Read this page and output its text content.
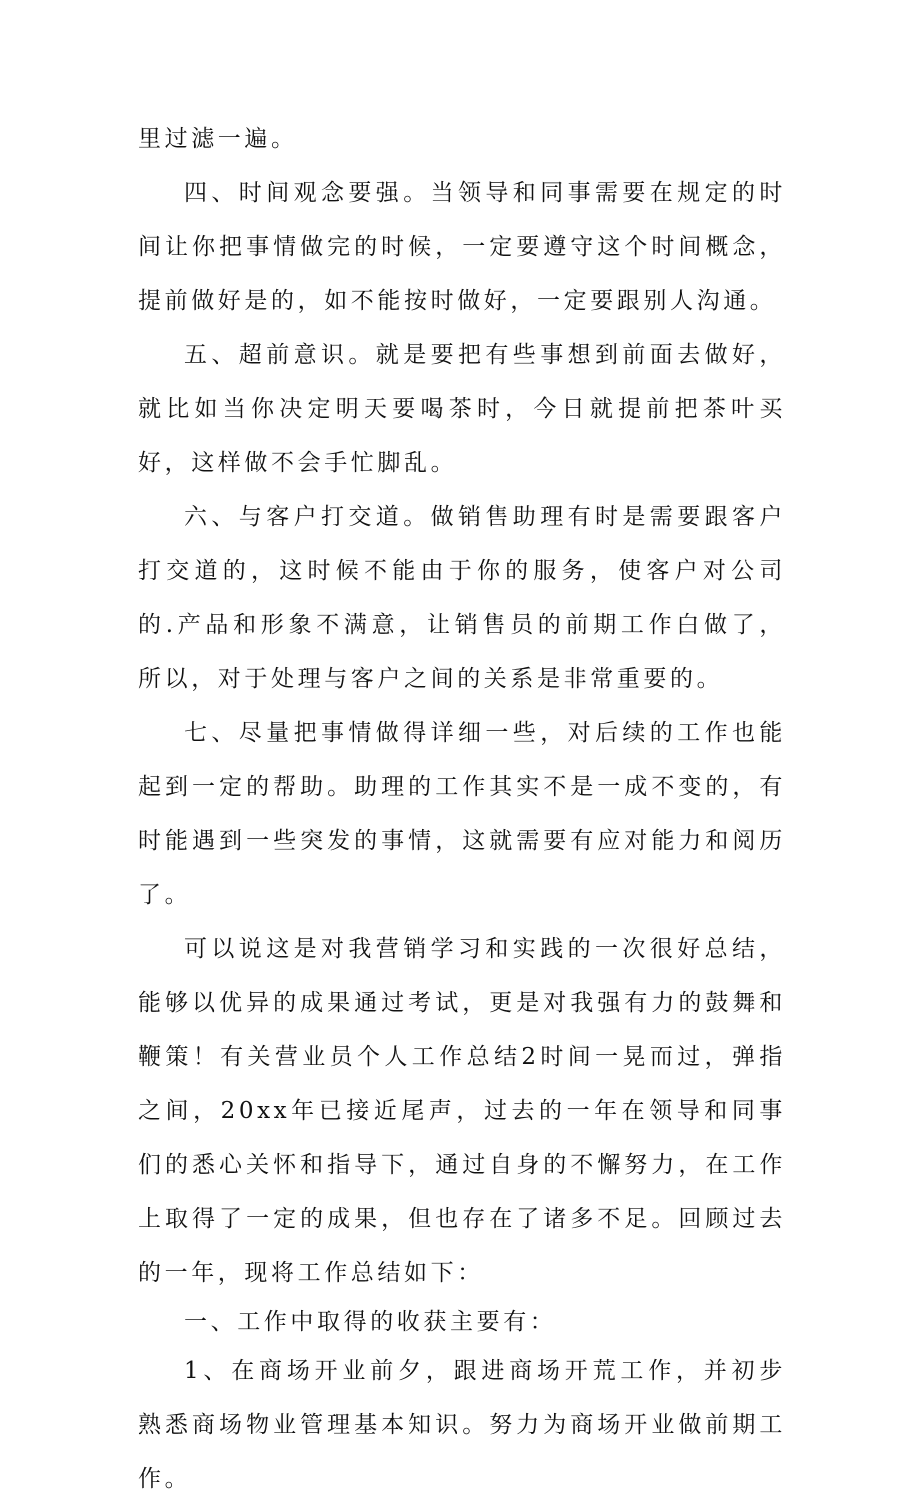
里过滤一遍。

四、时间观念要强。当领导和同事需要在规定的时间让你把事情做完的时候，一定要遵守这个时间概念，提前做好是的，如不能按时做好，一定要跟别人沟通。

五、超前意识。就是要把有些事想到前面去做好，就比如当你决定明天要喝茶时，今日就提前把茶叶买好，这样做不会手忙脚乱。

六、与客户打交道。做销售助理有时是需要跟客户打交道的，这时候不能由于你的服务，使客户对公司的.产品和形象不满意，让销售员的前期工作白做了，所以，对于处理与客户之间的关系是非常重要的。

七、尽量把事情做得详细一些，对后续的工作也能起到一定的帮助。助理的工作其实不是一成不变的，有时能遇到一些突发的事情，这就需要有应对能力和阅历了。

可以说这是对我营销学习和实践的一次很好总结，能够以优异的成果通过考试，更是对我强有力的鼓舞和鞭策！有关营业员个人工作总结2时间一晃而过，弹指之间，20xx年已接近尾声，过去的一年在领导和同事们的悉心关怀和指导下，通过自身的不懈努力，在工作上取得了一定的成果，但也存在了诸多不足。回顾过去的一年，现将工作总结如下：

一、工作中取得的收获主要有：

1、在商场开业前夕，跟进商场开荒工作，并初步熟悉商场物业管理基本知识。努力为商场开业做前期工作。
